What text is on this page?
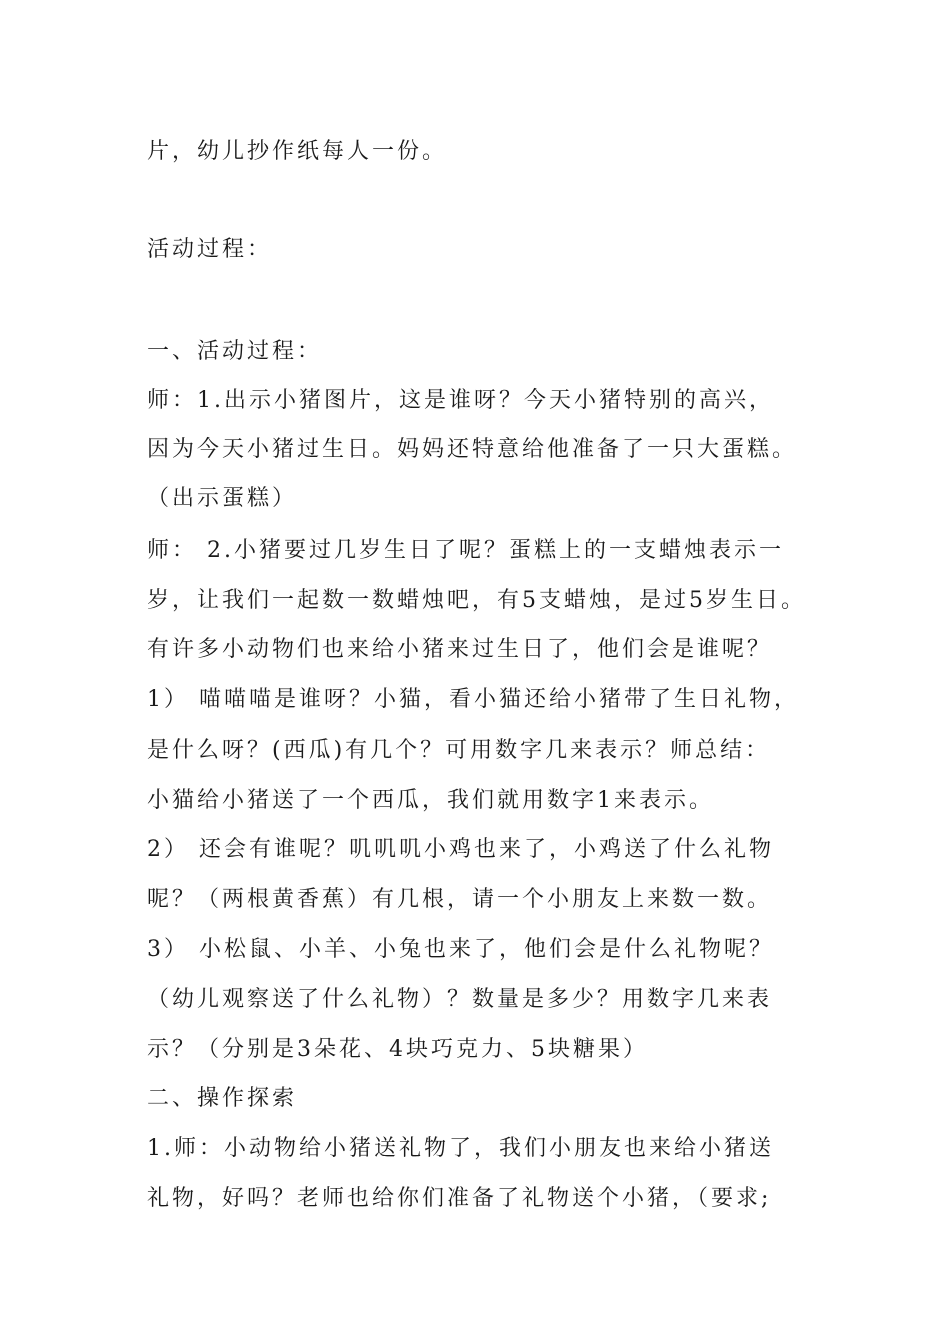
片，幼儿抄作纸每人一份。
活动过程：
一、活动过程：
师：1.出示小猪图片，这是谁呀？今天小猪特别的高兴，
因为今天小猪过生日。妈妈还特意给他准备了一只大蛋糕。
（出示蛋糕）
师： 2.小猪要过几岁生日了呢？蛋糕上的一支蜡烛表示一
岁，让我们一起数一数蜡烛吧，有5支蜡烛，是过5岁生日。
有许多小动物们也来给小猪来过生日了，他们会是谁呢？
1） 喵喵喵是谁呀？小猫，看小猫还给小猪带了生日礼物，
是什么呀？(西瓜)有几个？可用数字几来表示？师总结：
小猫给小猪送了一个西瓜，我们就用数字1来表示。
2） 还会有谁呢？叽叽叽小鸡也来了，小鸡送了什么礼物
呢？（两根黄香蕉）有几根，请一个小朋友上来数一数。
3） 小松鼠、小羊、小兔也来了，他们会是什么礼物呢？
（幼儿观察送了什么礼物）？数量是多少？用数字几来表
示？（分别是3朵花、4块巧克力、5块糖果）
二、操作探索
1.师：小动物给小猪送礼物了，我们小朋友也来给小猪送
礼物，好吗？老师也给你们准备了礼物送个小猪，（要求;
